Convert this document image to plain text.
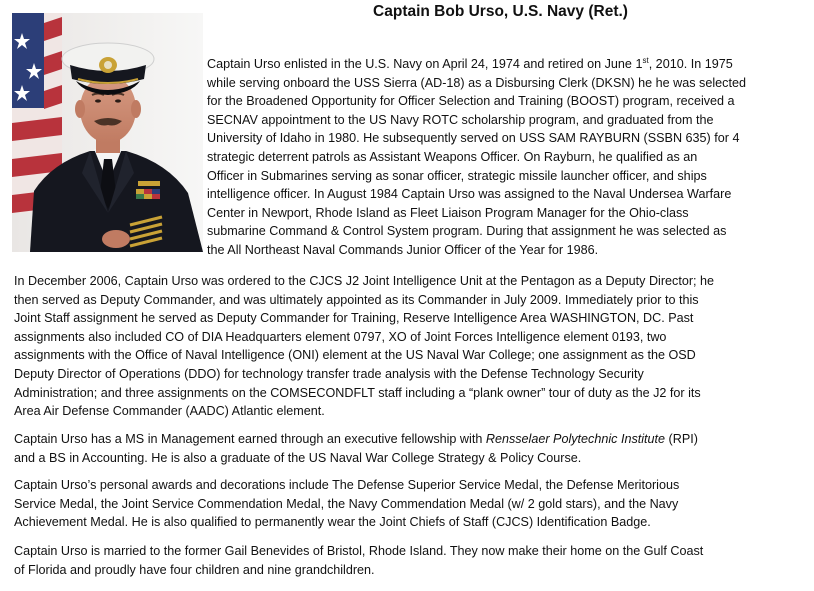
Captain Bob Urso, U.S. Navy (Ret.)

Captain Urso enlisted in the U.S. Navy on April 24, 1974 and retired on June 1st, 2010. In 1975
while serving onboard the USS Sierra (AD-18) as a Disbursing Clerk (DKSN) he he was selected
for the Broadened Opportunity for Officer Selection and Training (BOOST) program, received a
SECNAV appointment to the US Navy ROTC scholarship program, and graduated from the
University of Idaho in 1980. He subsequently served on USS SAM RAYBURN (SSBN 635) for 4
strategic deterrent patrols as Assistant Weapons Officer. On Rayburn, he qualified as an
Officer in Submarines serving as sonar officer, strategic missile launcher officer, and ships
intelligence officer. In August 1984 Captain Urso was assigned to the Naval Undersea Warfare
Center in Newport, Rhode Island as Fleet Liaison Program Manager for the Ohio-class
submarine Command & Control System program. During that assignment he was selected as
the All Northeast Naval Commands Junior Officer of the Year for 1986.

In December 2006, Captain Urso was ordered to the CJCS J2 Joint Intelligence Unit at the Pentagon as a Deputy Director; he
then served as Deputy Commander, and was ultimately appointed as its Commander in July 2009. Immediately prior to this
Joint Staff assignment he served as Deputy Commander for Training, Reserve Intelligence Area WASHINGTON, DC. Past
assignments also included CO of DIA Headquarters element 0797, XO of Joint Forces Intelligence element 0193, two
assignments with the Office of Naval Intelligence (ONI) element at the US Naval War College; one assignment as the OSD
Deputy Director of Operations (DDO) for technology transfer trade analysis with the Defense Technology Security
Administration; and three assignments on the COMSECONDFLT staff including a “plank owner” tour of duty as the J2 for its
Area Air Defense Commander (AADC) Atlantic element.

Captain Urso has a MS in Management earned through an executive fellowship with Rensselaer Polytechnic Institute (RPI)
and a BS in Accounting. He is also a graduate of the US Naval War College Strategy & Policy Course.

Captain Urso’s personal awards and decorations include The Defense Superior Service Medal, the Defense Meritorious
Service Medal, the Joint Service Commendation Medal, the Navy Commendation Medal (w/ 2 gold stars), and the Navy
Achievement Medal. He is also qualified to permanently wear the Joint Chiefs of Staff (CJCS) Identification Badge.

Captain Urso is married to the former Gail Benevides of Bristol, Rhode Island. They now make their home on the Gulf Coast
of Florida and proudly have four children and nine grandchildren.
